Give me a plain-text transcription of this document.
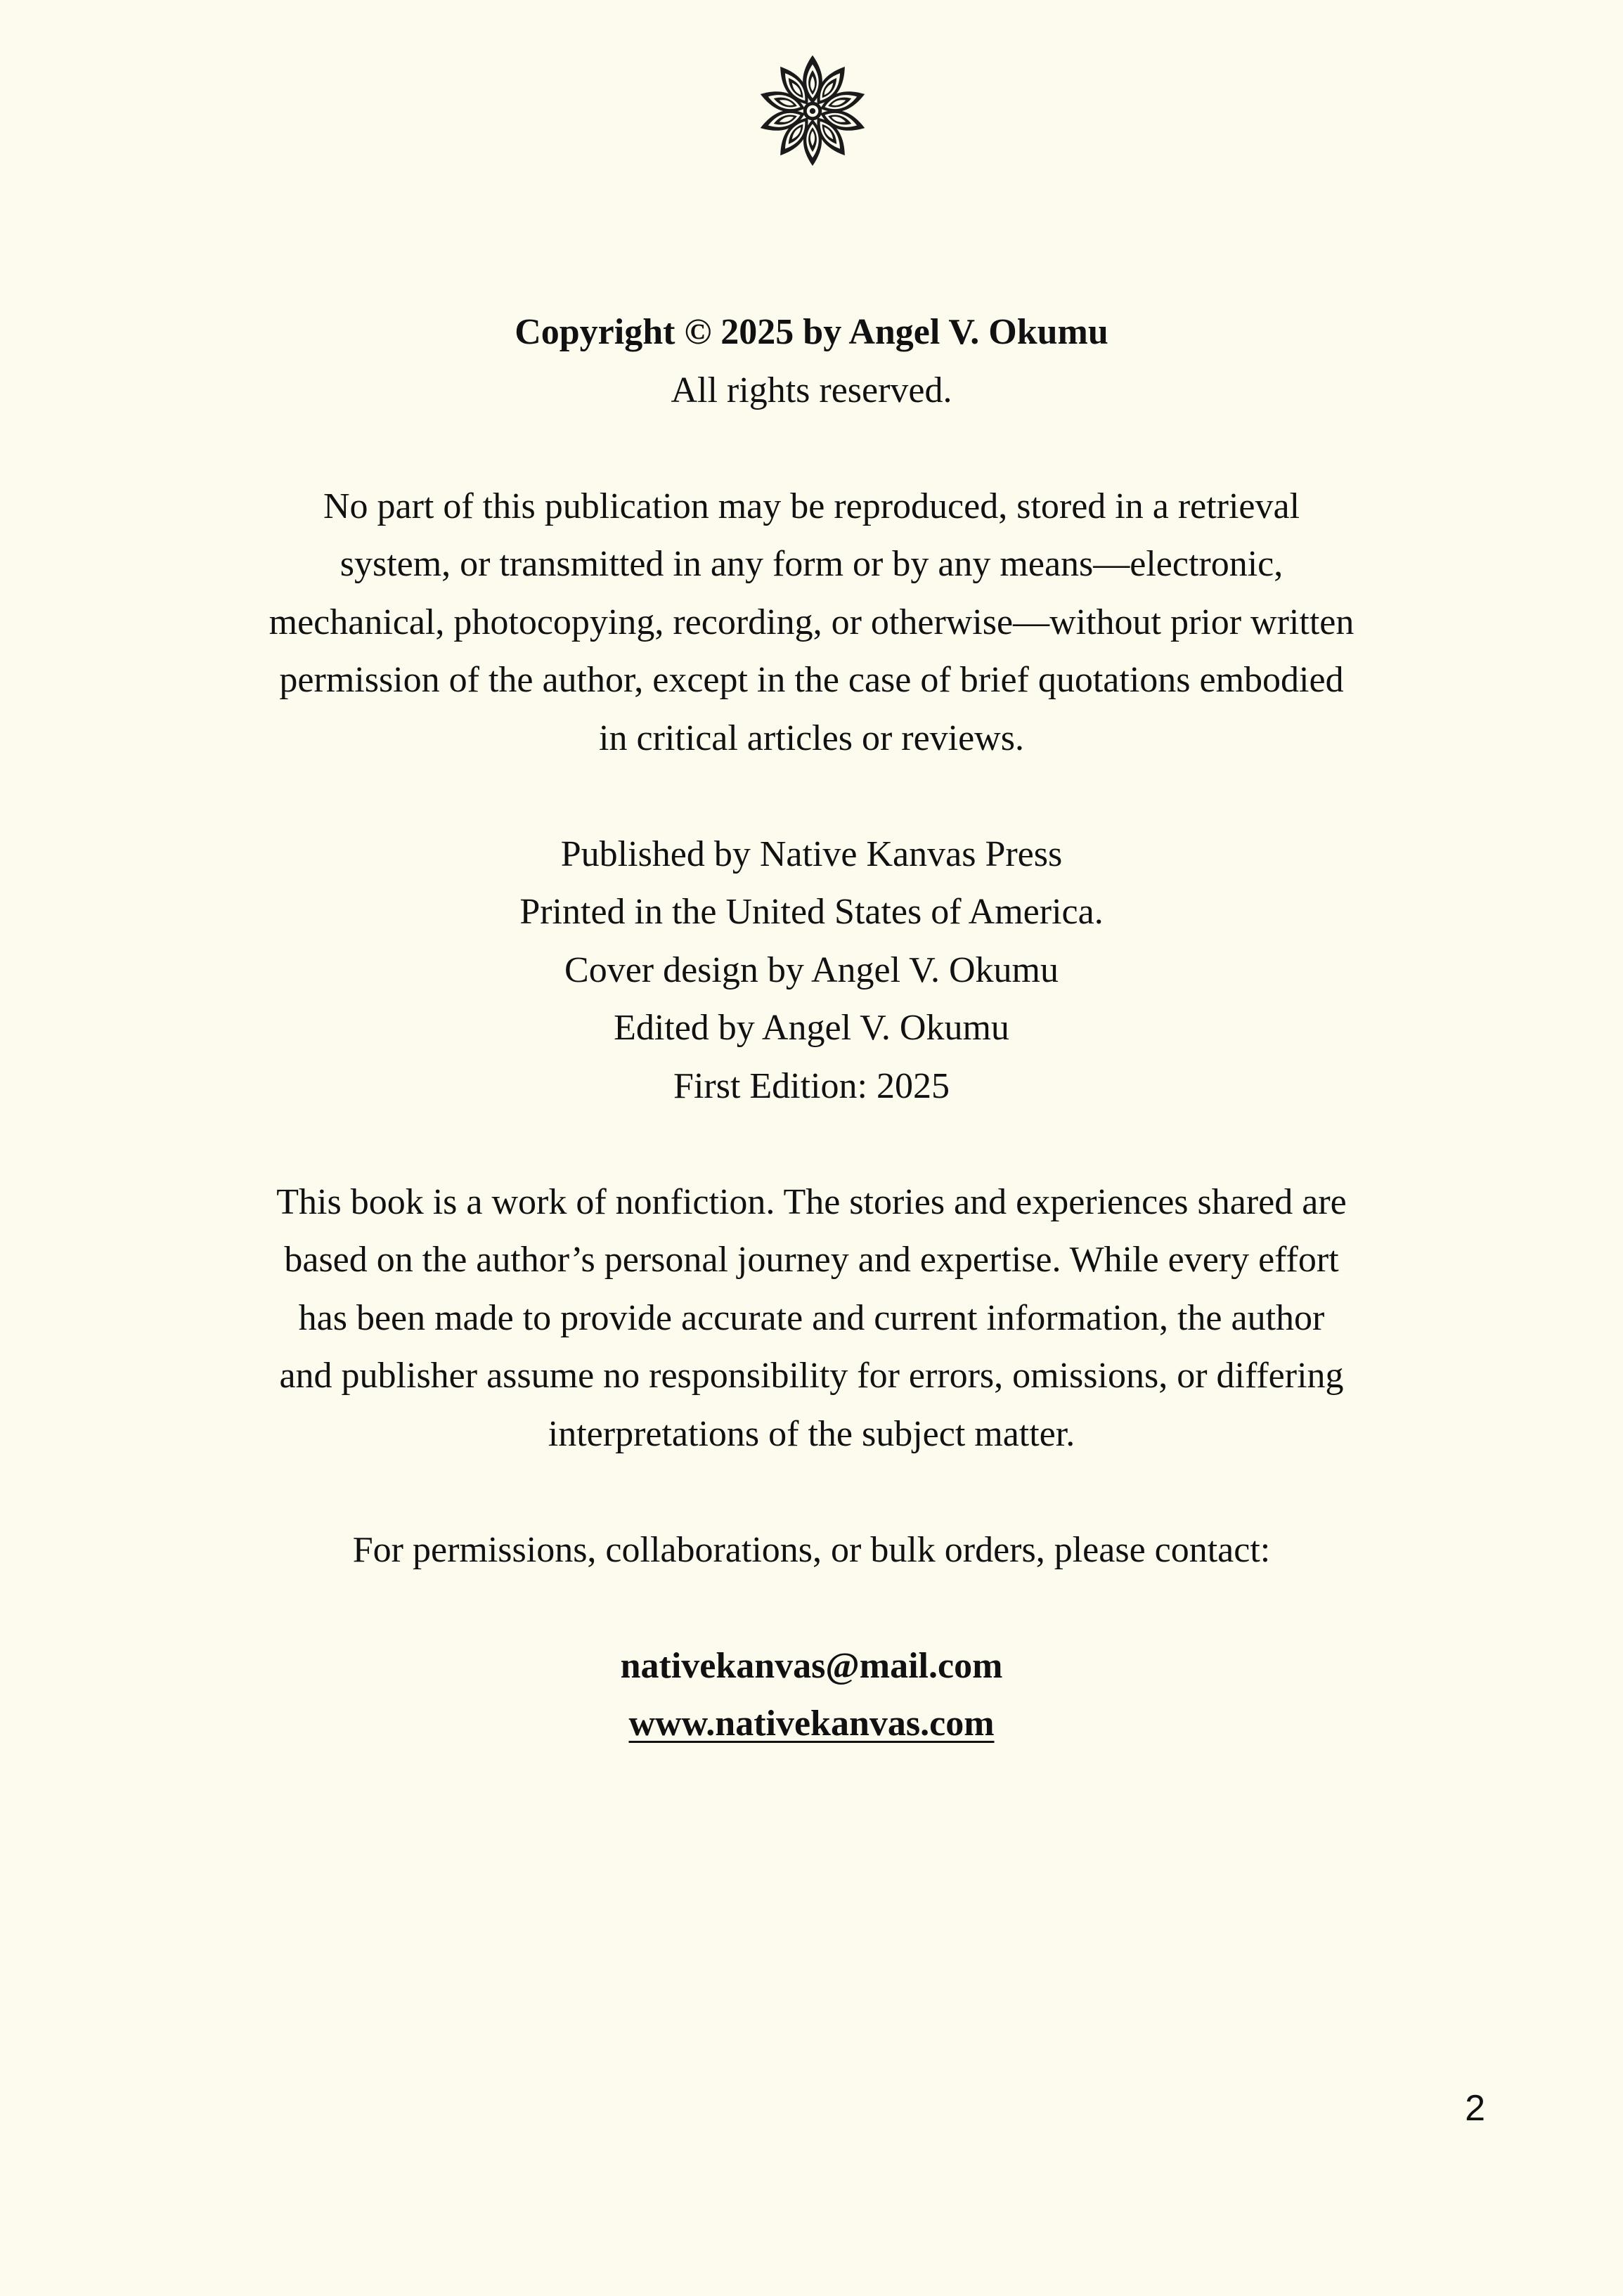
Copyright © 2025 by Angel V. Okumu

All rights reserved.

No part of this publication may be reproduced, stored in a retrieval

system, or transmitted in any form or by any means—electronic,

mechanical, photocopying, recording, or otherwise—without prior written

permission of the author, except in the case of brief quotations embodied

in critical articles or reviews.

Published by Native Kanvas Press

Printed in the United States of America.

Cover design by Angel V. Okumu

Edited by Angel V. Okumu

First Edition: 2025

This book is a work of nonfiction. The stories and experiences shared are

based on the author’s personal journey and expertise. While every effort

has been made to provide accurate and current information, the author

and publisher assume no responsibility for errors, omissions, or differing

interpretations of the subject matter.

For permissions, collaborations, or bulk orders, please contact:

nativekanvas@mail.com

www.nativekanvas.com

2
